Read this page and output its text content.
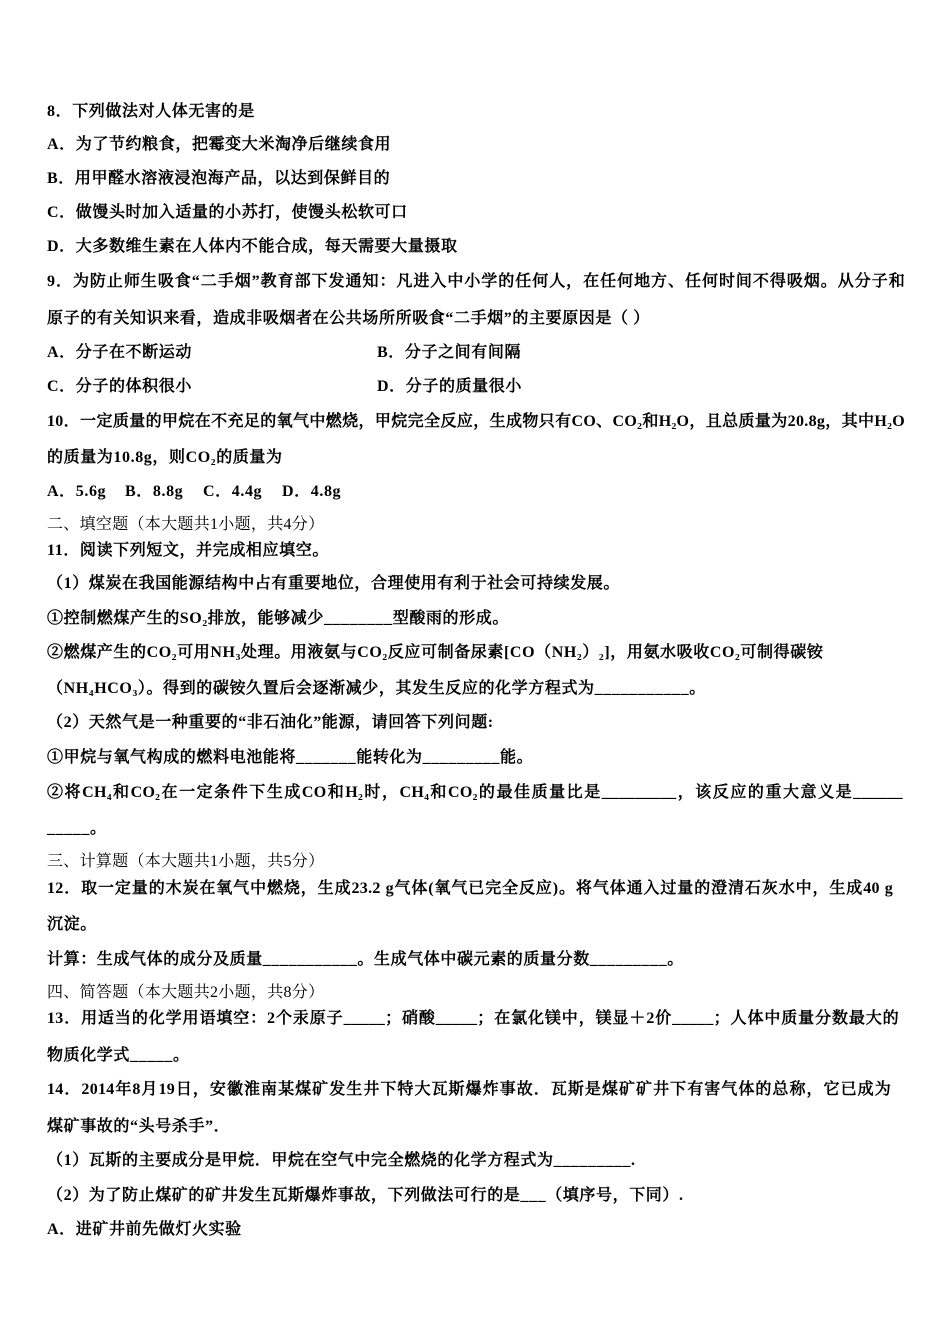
8．下列做法对人体无害的是
A．为了节约粮食，把霉变大米淘净后继续食用
B．用甲醛水溶液浸泡海产品，以达到保鲜目的
C．做馒头时加入适量的小苏打，使馒头松软可口
D．大多数维生素在人体内不能合成，每天需要大量摄取
9．为防止师生吸食“二手烟”教育部下发通知：凡进入中小学的任何人，在任何地方、任何时间不得吸烟。从分子和
原子的有关知识来看，造成非吸烟者在公共场所所吸食“二手烟”的主要原因是（ ）
A．分子在不断运动	B．分子之间有间隔
C．分子的体积很小	D．分子的质量很小
10．一定质量的甲烷在不充足的氧气中燃烧，甲烷完全反应，生成物只有CO、CO₂和H₂O，且总质量为20.8g，其中H₂O
的质量为10.8g，则CO₂的质量为
A．5.6g B．8.8g C．4.4g D．4.8g
二、填空题（本大题共1小题，共4分）
11．阅读下列短文，并完成相应填空。
（1）煤炭在我国能源结构中占有重要地位，合理使用有利于社会可持续发展。
①控制燃煤产生的SO₂排放，能够减少________型酸雨的形成。
②燃煤产生的CO₂可用NH₃处理。用液氨与CO₂反应可制备尿素[CO（NH₂）₂]，用氨水吸收CO₂可制得碳铵
（NH₄HCO₃）。得到的碳铵久置后会逐渐减少，其发生反应的化学方程式为___________。
（2）天然气是一种重要的“非石油化”能源，请回答下列问题:
①甲烷与氧气构成的燃料电池能将_______能转化为_________能。
②将CH₄和CO₂在一定条件下生成CO和H₂时，CH₄和CO₂的最佳质量比是_________，该反应的重大意义是______
_____。
三、计算题（本大题共1小题，共5分）
12．取一定量的木炭在氧气中燃烧，生成23.2 g气体(氧气已完全反应)。将气体通入过量的澄清石灰水中，生成40 g
沉淀。
计算：生成气体的成分及质量___________。生成气体中碳元素的质量分数_________。
四、简答题（本大题共2小题，共8分）
13．用适当的化学用语填空：2个汞原子_____；硝酸_____；在氯化镁中，镁显＋2价_____；人体中质量分数最大的
物质化学式_____。
14．2014年8月19日，安徽淮南某煤矿发生井下特大瓦斯爆炸事故．瓦斯是煤矿矿井下有害气体的总称，它已成为
煤矿事故的“头号杀手”．
（1）瓦斯的主要成分是甲烷．甲烷在空气中完全燃烧的化学方程式为_________.
（2）为了防止煤矿的矿井发生瓦斯爆炸事故，下列做法可行的是___（填序号，下同）.
A．进矿井前先做灯火实验
